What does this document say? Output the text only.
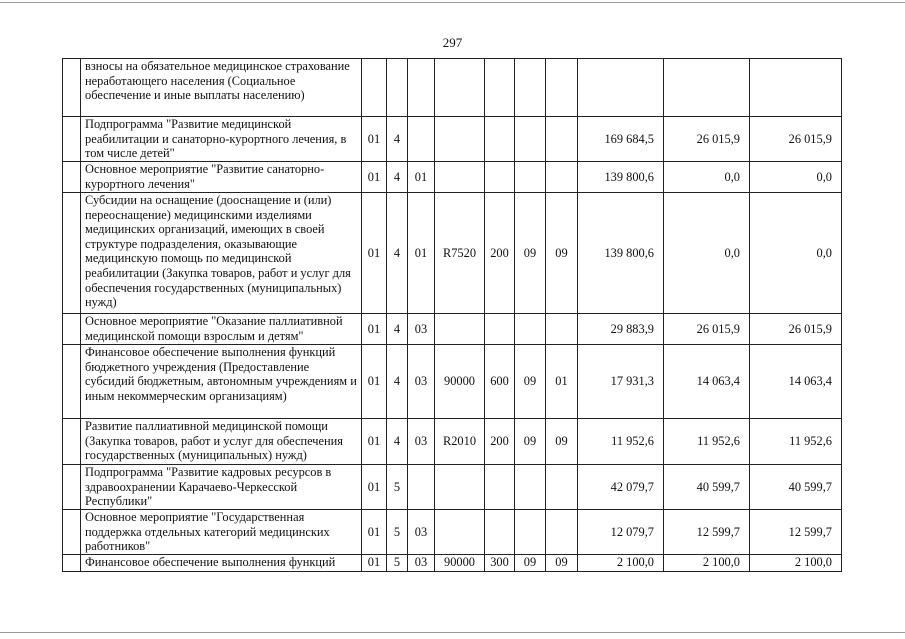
297
	взносы на обязательное медицинское страхование неработающего населения (Социальное обеспечение и иные выплаты населению)										
	Подпрограмма "Развитие медицинской реабилитации и санаторно-курортного лечения, в том числе детей"	01	4						169 684,5	26 015,9	26 015,9
	Основное мероприятие "Развитие санаторно-курортного лечения"	01	4	01					139 800,6	0,0	0,0
	Субсидии на оснащение (дооснащение и (или) переоснащение) медицинскими изделиями медицинских организаций, имеющих в своей структуре подразделения, оказывающие медицинскую помощь по медицинской реабилитации (Закупка товаров, работ и услуг для обеспечения государственных (муниципальных) нужд)	01	4	01	R7520	200	09	09	139 800,6	0,0	0,0
	Основное мероприятие "Оказание паллиативной медицинской помощи взрослым и детям"	01	4	03					29 883,9	26 015,9	26 015,9
	Финансовое обеспечение выполнения функций бюджетного учреждения (Предоставление субсидий бюджетным, автономным учреждениям и иным некоммерческим организациям)	01	4	03	90000	600	09	01	17 931,3	14 063,4	14 063,4
	Развитие паллиативной медицинской помощи (Закупка товаров, работ и услуг для обеспечения государственных (муниципальных) нужд)	01	4	03	R2010	200	09	09	11 952,6	11 952,6	11 952,6
	Подпрограмма "Развитие кадровых ресурсов в здравоохранении Карачаево-Черкесской Республики"	01	5						42 079,7	40 599,7	40 599,7
	Основное мероприятие "Государственная поддержка отдельных категорий медицинских работников"	01	5	03					12 079,7	12 599,7	12 599,7
	Финансовое обеспечение выполнения функций	01	5	03	90000	300	09	09	2 100,0	2 100,0	2 100,0
